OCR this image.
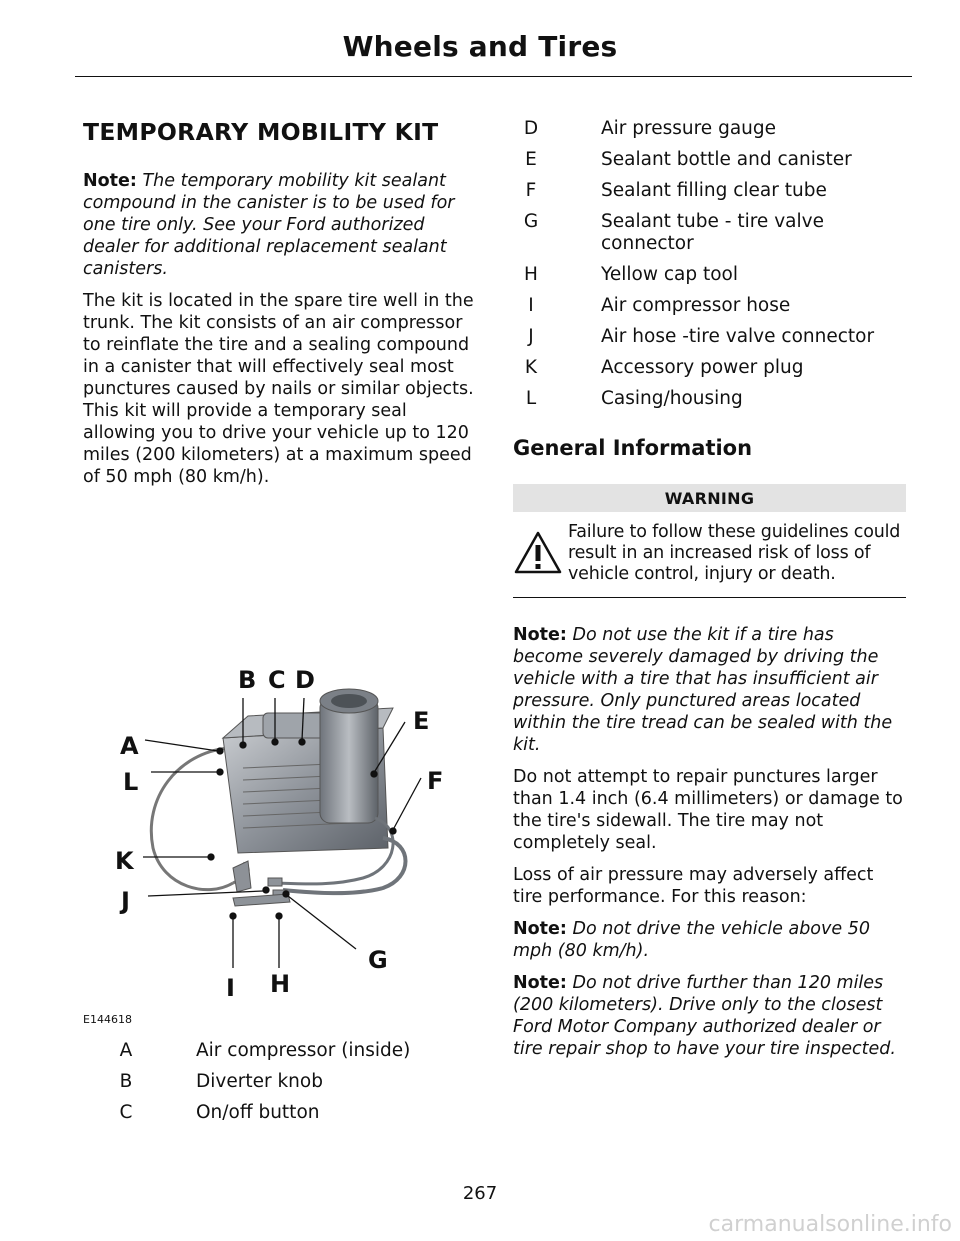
Wheels and Tires
TEMPORARY MOBILITY KIT

Note: The temporary mobility kit sealant compound in the canister is to be used for one tire only. See your Ford authorized dealer for additional replacement sealant canisters.

The kit is located in the spare tire well in the trunk. The kit consists of an air compressor to reinflate the tire and a sealing compound in a canister that will effectively seal most punctures caused by nails or similar objects. This kit will provide a temporary seal allowing you to drive your vehicle up to 120 miles (200 kilometers) at a maximum speed of 50 mph (80 km/h).

B C D
E
A
L	F
K
J
G
I H
E144618
A	Air compressor (inside)
B	Diverter knob
C	On/off button
D	Air pressure gauge
E	Sealant bottle and canister
F	Sealant filling clear tube
G	Sealant tube - tire valve connector
H	Yellow cap tool
I	Air compressor hose
J	Air hose -tire valve connector
K	Accessory power plug
L	Casing/housing
General Information
WARNING
Failure to follow these guidelines could result in an increased risk of loss of vehicle control, injury or death.

Note: Do not use the kit if a tire has become severely damaged by driving the vehicle with a tire that has insufficient air pressure. Only punctured areas located within the tire tread can be sealed with the kit.

Do not attempt to repair punctures larger than 1.4 inch (6.4 millimeters) or damage to the tire's sidewall. The tire may not completely seal.

Loss of air pressure may adversely affect tire performance. For this reason:

Note: Do not drive the vehicle above 50 mph (80 km/h).

Note: Do not drive further than 120 miles (200 kilometers). Drive only to the closest Ford Motor Company authorized dealer or tire repair shop to have your tire inspected.

267
carmanualsonline.info
